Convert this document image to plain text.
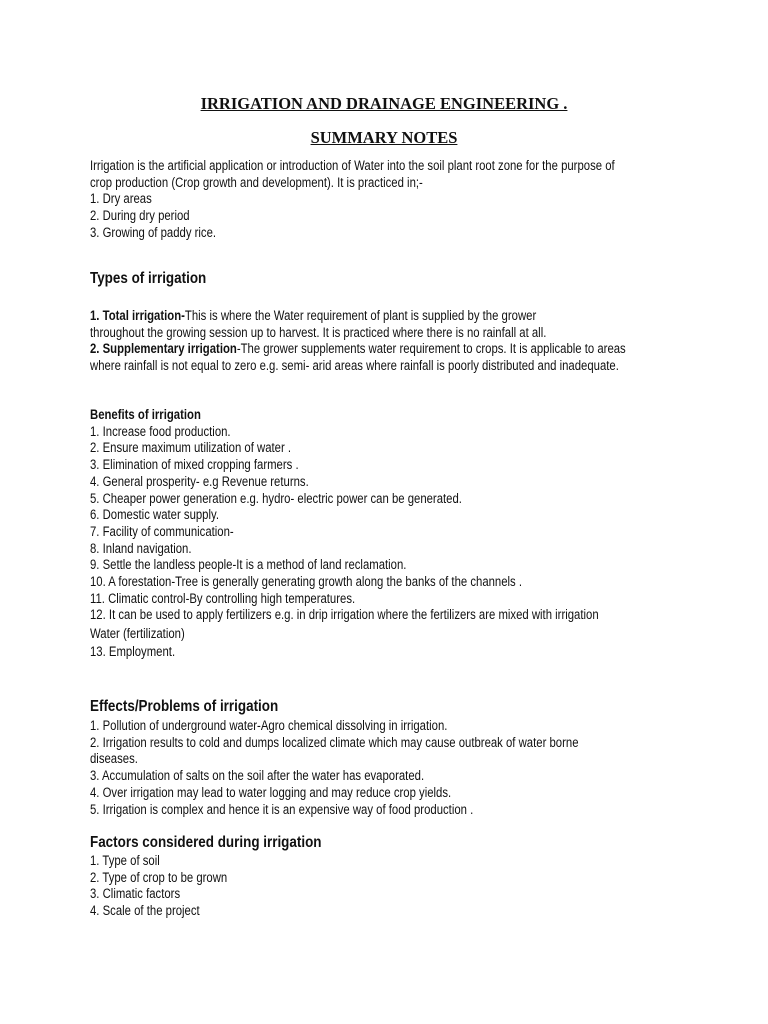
IRRIGATION AND DRAINAGE ENGINEERING .
SUMMARY NOTES
Irrigation is the artificial application or introduction of Water into the soil plant root zone for the purpose of
crop production (Crop growth and development). It is practiced in;-
1. Dry areas
2. During dry period
3. Growing of paddy rice.
Types of irrigation
1. Total irrigation-This is where the Water requirement of plant is supplied by the grower
throughout the growing session up to harvest. It is practiced where there is no rainfall at all.
2. Supplementary irrigation-The grower supplements water requirement to crops. It is applicable to areas
where rainfall is not equal to zero e.g. semi- arid areas where rainfall is poorly distributed and inadequate.
Benefits of irrigation
1. Increase food production.
2. Ensure maximum utilization of water .
3. Elimination of mixed cropping farmers .
4. General prosperity- e.g Revenue returns.
5. Cheaper power generation e.g. hydro- electric power can be generated.
6. Domestic water supply.
7. Facility of communication-
8. Inland navigation.
9. Settle the landless people-It is a method of land reclamation.
10. A forestation-Tree is generally generating growth along the banks of the channels .
11. Climatic control-By controlling high temperatures.
12. It can be used to apply fertilizers e.g. in drip irrigation where the fertilizers are mixed with irrigation
Water (fertilization)
13. Employment.
Effects/Problems of irrigation
1. Pollution of underground water-Agro chemical dissolving in irrigation.
2. Irrigation results to cold and dumps localized climate which may cause outbreak of water borne
diseases.
3. Accumulation of salts on the soil after the water has evaporated.
4. Over irrigation may lead to water logging and may reduce crop yields.
5. Irrigation is complex and hence it is an expensive way of food production .
Factors considered during irrigation
1. Type of soil
2. Type of crop to be grown
3. Climatic factors
4. Scale of the project
